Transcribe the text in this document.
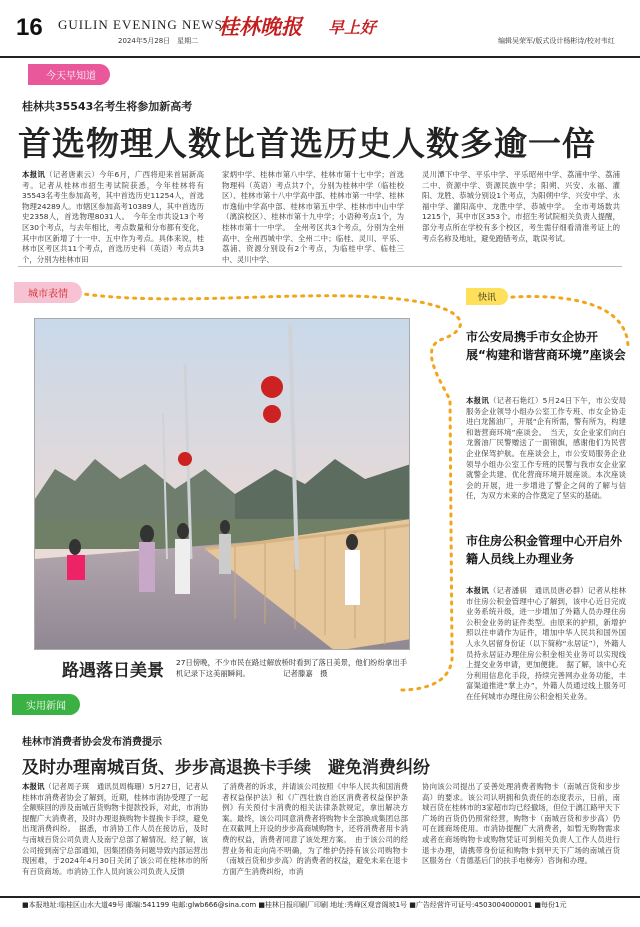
16 GUILIN EVENING NEWS
2024年5月28日　星期二
桂林晚报 早上好
编辑吴荣军/版式设计杨彬诗/校对韦红
今天早知道
桂林共35543名考生将参加新高考
首选物理人数比首选历史人数多逾一倍
本报讯（记者唐素云）今年6月，广西将迎来首届新高考。记者从桂林市招生考试院获悉，今年桂林将有35543名考生参加高考，其中首选历史11254人，首选物理24289人。市辖区参加高考10389人，其中首选历史2358人，首选物理8031人。　今年全市共设13个考区30个考点，与去年相比，考点数量和分布都有变化，其中市区新增了十一中、五中作为考点。具体来说，桂林市区考区共11个考点，首选历史科（英语）考点共3个，分别为桂林市田
家炳中学、桂林市第八中学、桂林市第十七中学；首选物理科（英语）考点共7个，分别为桂林中学（临桂校区）、桂林市第十八中学高中部、桂林市第一中学、桂林市逸仙中学高中部、桂林市第五中学、桂林市中山中学（漓滨校区）、桂林市第十九中学；小语种考点1个，为桂林市第十一中学。　全州考区共3个考点，分别为全州高中、全州西城中学、全州二中；临桂、灵川、平乐、荔浦、资源分别设有2个考点，为临桂中学、临桂三中、灵川中学、
灵川潭下中学、平乐中学、平乐昭州中学、荔浦中学、荔浦二中、资源中学、资源民族中学；阳朔、兴安、永福、灌阳、龙胜、恭城分别设1个考点，为阳朔中学、兴安中学、永福中学、灌阳高中、龙胜中学、恭城中学。　全市考场数共1215个，其中市区353个。市招生考试院相关负责人提醒，部分考点所在学校有多个校区，考生需仔细看清准考证上的考点名称及地址，避免跑错考点，耽误考试。
城市表情
路遇落日美景 27日傍晚，不少市民在路过解放桥时看到了落日美景，他们纷纷拿出手机记录下这美丽瞬间。　　　　　记者滕嘉　摄
快讯
市公安局携手市女企协开展“构建和谐营商环境”座谈会
本报讯（记者石艳红）5月24日下午，市公安局服务企业领导小组办公室工作专班、市女企协走进白龙酱油厂，开展“企有所需，警有所为，构建和谐营商环境”座谈会。　当天，女企业家们向白龙酱油厂民警赠送了一面锦旗，感谢他们为民营企业保驾护航。在座谈会上，市公安局服务企业领导小组办公室工作专班的民警与我市女企业家就警企共建、优化营商环境开展座谈。本次座谈会的开展，进一步增进了警企之间的了解与信任，为双方未来的合作奠定了坚实的基础。
市住房公积金管理中心开启外籍人员线上办理业务
本报讯（记者潘骐　通讯员唐必群）记者从桂林市住房公积金管理中心了解到，该中心近日完成业务系统升级，进一步增加了外籍人员办理住房公积金业务的证件类型。由原来的护照，新增护照以往申请作为证件，增加中华人民共和国外国人永久居留身份证（以下简称“永居证”），外籍人员持永居证办理住房公积金相关业务可以实现线上提交业务申请，更加便捷。　据了解，该中心充分利用信息化手段，持续完善网办业务功能，丰富渠道推进“掌上办”，外籍人员通过线上服务可在任何城市办理住房公积金相关业务。
实用新闻
桂林市消费者协会发布消费提示
及时办理南城百货、步步高退换卡手续　避免消费纠纷
本报讯（记者周子瑛　通讯员周梅珊）5月27日，记者从桂林市消费者协会了解到，近期，桂林市消协受理了一起全额赎回的涉及南城百货购物卡提款投诉，对此，市消协提醒广大消费者，及时办理退换购物卡提换卡手续，避免出现消费纠纷。　据悉，市消协工作人员在接访后，及时与南城百货公司负责人及南宁总部了解情况。经了解，该公司接到南宁总部通知，因集团债务问题导致内部运营出现困难，于2024年4月30日关闭了该公司在桂林市的所有百货商场。市消协工作人员向该公司负责人反馈
了消费者的诉求，并请该公司按照《中华人民共和国消费者权益保护法》和《广西壮族自治区消费者权益保护条例》有关预付卡消费的相关法律条款规定，拿出解决方案。最终，该公司同意消费者将购物卡全部换成集团总部在双截网上开设的步步高商城购物卡，还将消费者用卡消费的权益，消费者同意了该处理方案。　由于该公司的经营业务和走向尚不明确，为了维护仍持有该公司购物卡（南城百货和步步高）的消费者的权益，避免未来在退卡方面产生消费纠纷，市消
协向该公司提出了妥善处理消费者购物卡（南城百货和步步高）的要求。该公司认明拥和负责任的态度表示，日前，南城百货在桂林市的3家超市均已经撤场，但位于漓江路甲天下广场的百货仍仍照常经营，购物卡（南城百货和步步高）仍可在渡商场使用。市消协提醒广大消费者，如暂无购物需求或者在商场购物卡或购物凭证可到相关负责人工作人员进行退卡办理，请携带身份证和购物卡到甲天下广场的南城百货区服务台（肯德基后门的扶手电梯旁）咨询和办理。
■本报地址:临桂区山水大道49号 邮编:541199 电邮:glwb666@sina.com ■桂林日报印刷厂印刷 地址:秀峰区观音阁坡1号 ■广告经营许可证号:4503004000001 ■每份1元
